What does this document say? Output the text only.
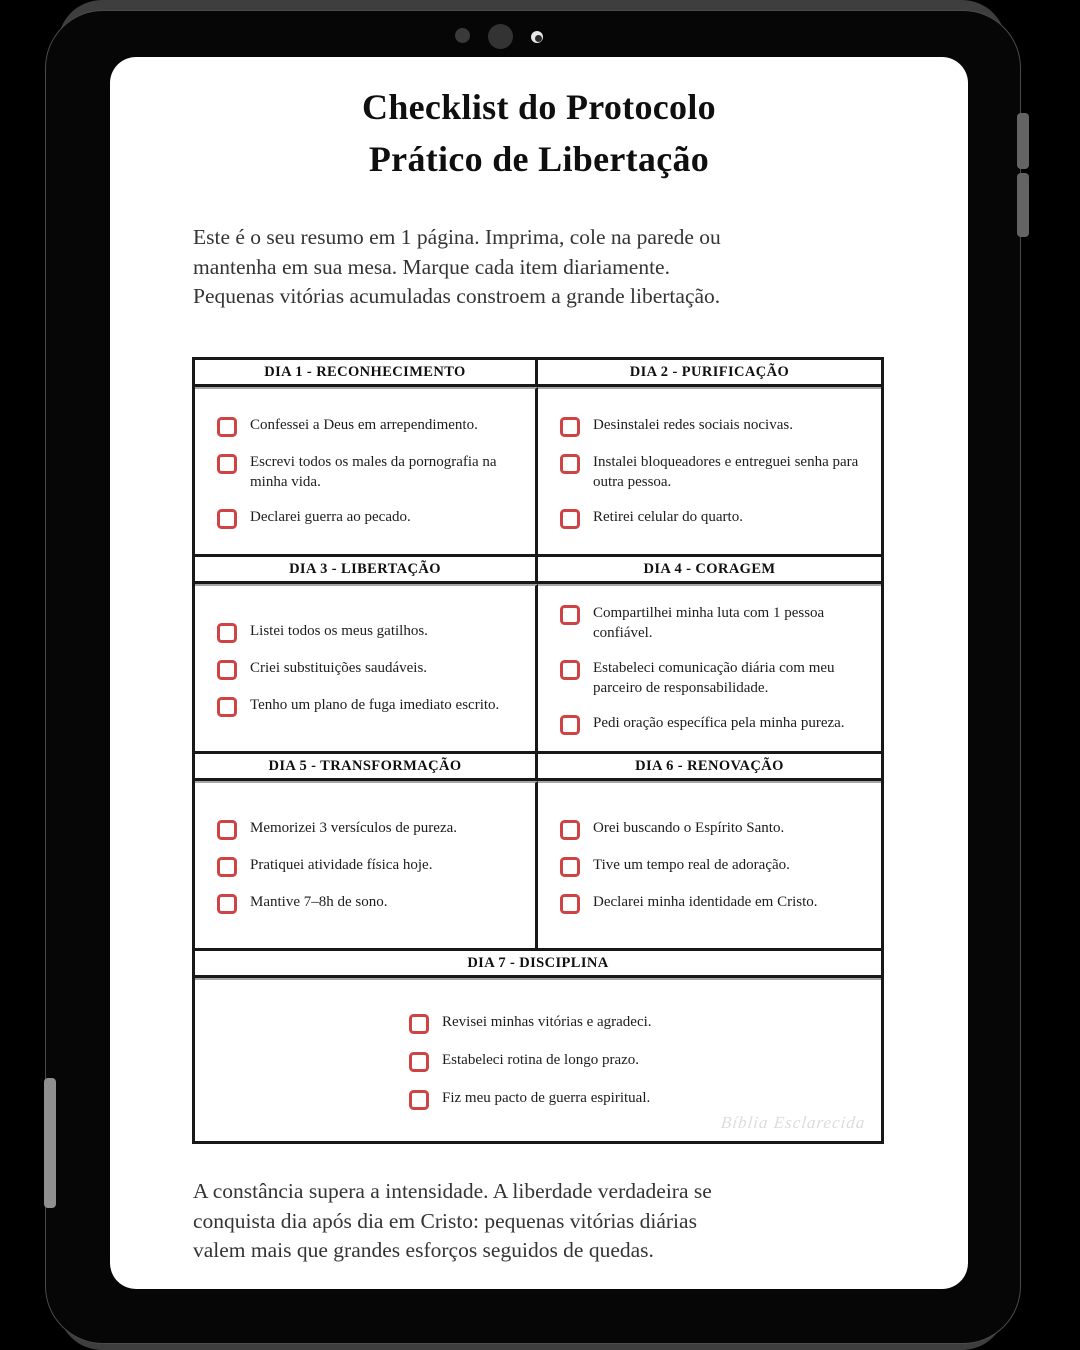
Checklist do Protocolo
Prático de Libertação
Este é o seu resumo em 1 página. Imprima, cole na parede ou
mantenha em sua mesa. Marque cada item diariamente.
Pequenas vitórias acumuladas constroem a grande libertação.
DIA 1 - RECONHECIMENTO	DIA 2 - PURIFICAÇÃO
Confessei a Deus em arrependimento.
Escrevi todos os males da pornografia na minha vida.
Declarei guerra ao pecado.
Desinstalei redes sociais nocivas.
Instalei bloqueadores e entreguei senha para outra pessoa.
Retirei celular do quarto.
DIA 3 - LIBERTAÇÃO	DIA 4 - CORAGEM
Listei todos os meus gatilhos.
Criei substituições saudáveis.
Tenho um plano de fuga imediato escrito.
Compartilhei minha luta com 1 pessoa confiável.
Estabeleci comunicação diária com meu parceiro de responsabilidade.
Pedi oração específica pela minha pureza.
DIA 5 - TRANSFORMAÇÃO	DIA 6 - RENOVAÇÃO
Memorizei 3 versículos de pureza.
Pratiquei atividade física hoje.
Mantive 7–8h de sono.
Orei buscando o Espírito Santo.
Tive um tempo real de adoração.
Declarei minha identidade em Cristo.
DIA 7 - DISCIPLINA
Revisei minhas vitórias e agradeci.
Estabeleci rotina de longo prazo.
Fiz meu pacto de guerra espiritual.
Bíblia Esclarecida
A constância supera a intensidade. A liberdade verdadeira se
conquista dia após dia em Cristo: pequenas vitórias diárias
valem mais que grandes esforços seguidos de quedas.
